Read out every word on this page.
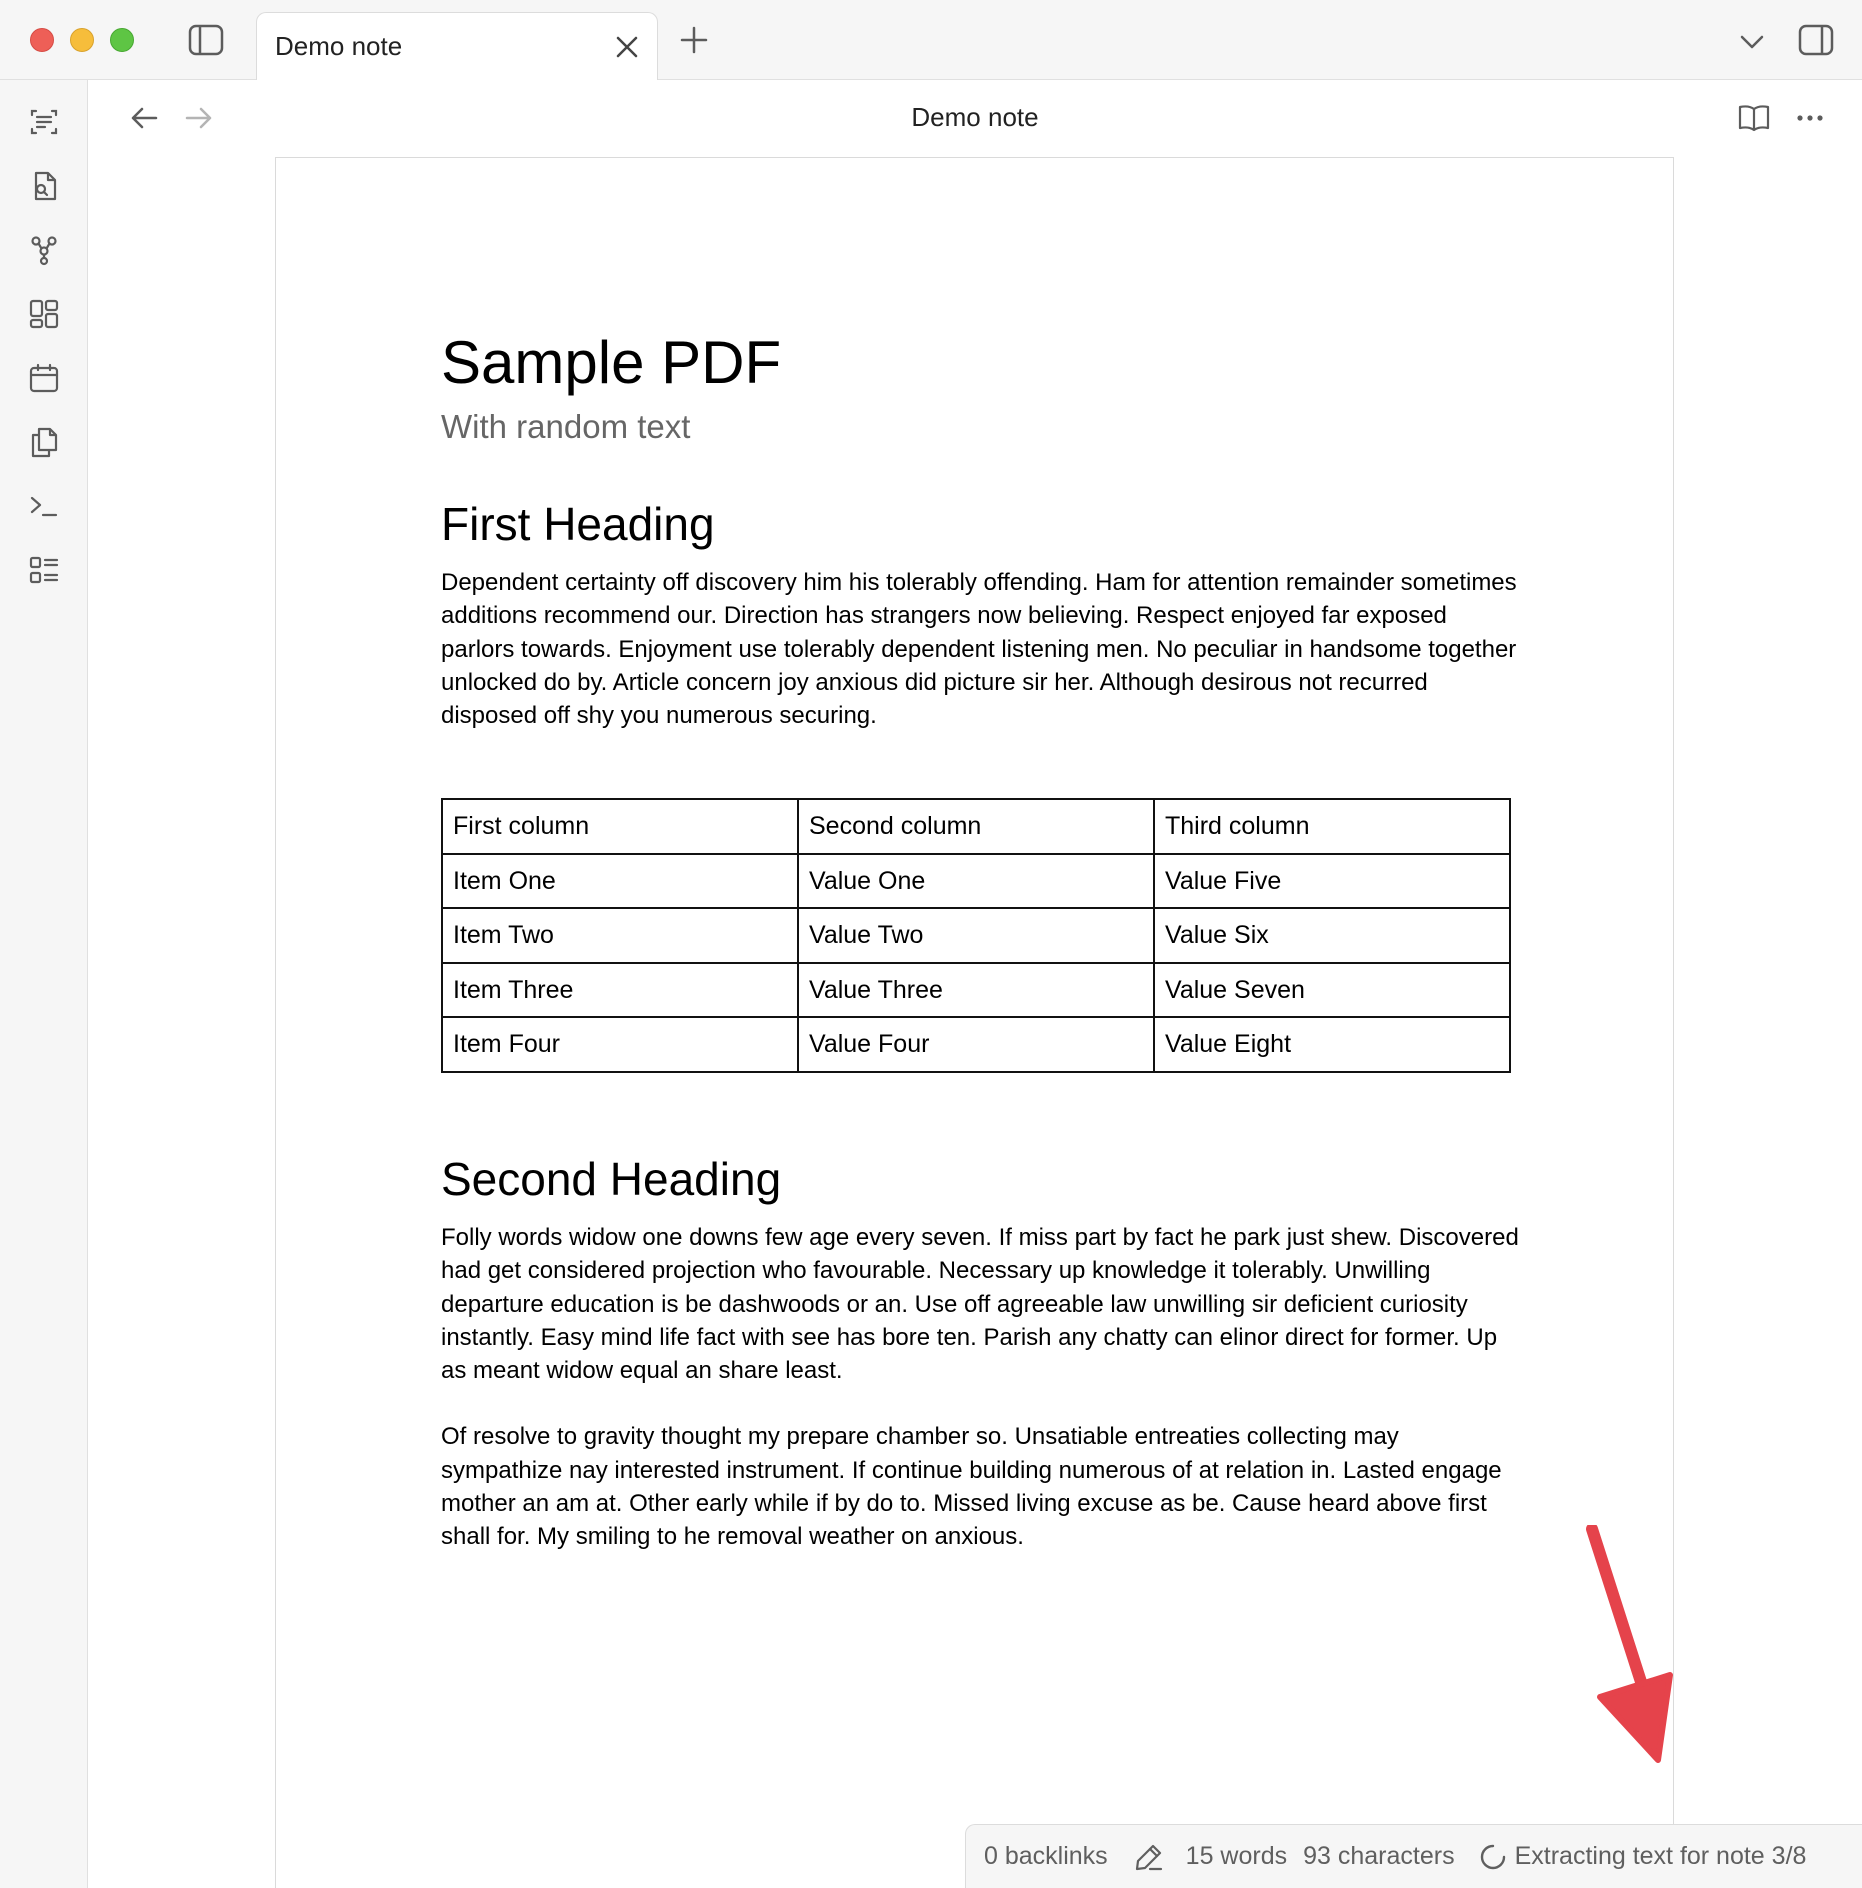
Demo note
Demo note
Sample PDF
With random text
First Heading

Dependent certainty off discovery him his tolerably offending. Ham for attention remainder sometimes additions recommend our. Direction has strangers now believing. Respect enjoyed far exposed parlors towards. Enjoyment use tolerably dependent listening men. No peculiar in handsome together unlocked do by. Article concern joy anxious did picture sir her. Although desirous not recurred disposed off shy you numerous securing.

First column	Second column	Third column
Item One	Value One	Value Five
Item Two	Value Two	Value Six
Item Three	Value Three	Value Seven
Item Four	Value Four	Value Eight
Second Heading

Folly words widow one downs few age every seven. If miss part by fact he park just shew. Discovered had get considered projection who favourable. Necessary up knowledge it tolerably. Unwilling departure education is be dashwoods or an. Use off agreeable law unwilling sir deficient curiosity instantly. Easy mind life fact with see has bore ten. Parish any chatty can elinor direct for former. Up as meant widow equal an share least.

Of resolve to gravity thought my prepare chamber so. Unsatiable entreaties collecting may sympathize nay interested instrument. If continue building numerous of at relation in. Lasted engage mother an am at. Other early while if by do to. Missed living excuse as be. Cause heard above first shall for. My smiling to he removal weather on anxious.

0 backlinks	15 words 93 characters Extracting text for note 3/8
